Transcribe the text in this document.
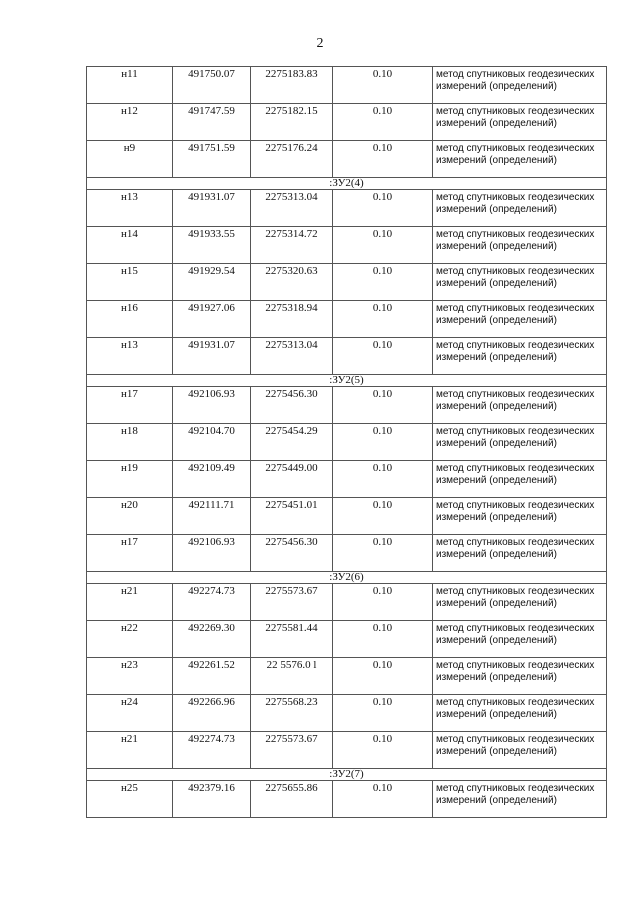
2
н11	491750.07	2275183.83	0.10	метод спутниковых геодезических измерений (определений)
н12	491747.59	2275182.15	0.10	метод спутниковых геодезических измерений (определений)
н9	491751.59	2275176.24	0.10	метод спутниковых геодезических измерений (определений)
:ЗУ2(4)				
н13	491931.07	2275313.04	0.10	метод спутниковых геодезических измерений (определений)
н14	491933.55	2275314.72	0.10	метод спутниковых геодезических измерений (определений)
н15	491929.54	2275320.63	0.10	метод спутниковых геодезических измерений (определений)
н16	491927.06	2275318.94	0.10	метод спутниковых геодезических измерений (определений)
н13	491931.07	2275313.04	0.10	метод спутниковых геодезических измерений (определений)
:ЗУ2(5)				
н17	492106.93	2275456.30	0.10	метод спутниковых геодезических измерений (определений)
н18	492104.70	2275454.29	0.10	метод спутниковых геодезических измерений (определений)
н19	492109.49	2275449.00	0.10	метод спутниковых геодезических измерений (определений)
н20	492111.71	2275451.01	0.10	метод спутниковых геодезических измерений (определений)
н17	492106.93	2275456.30	0.10	метод спутниковых геодезических измерений (определений)
:ЗУ2(6)				
н21	492274.73	2275573.67	0.10	метод спутниковых геодезических измерений (определений)
н22	492269.30	2275581.44	0.10	метод спутниковых геодезических измерений (определений)
н23	492261.52	22 5576.0 l	0.10	метод спутниковых геодезических измерений (определений)
н24	492266.96	2275568.23	0.10	метод спутниковых геодезических измерений (определений)
н21	492274.73	2275573.67	0.10	метод спутниковых геодезических измерений (определений)
:ЗУ2(7)				
н25	492379.16	2275655.86	0.10	метод спутниковых геодезических измерений (определений)
